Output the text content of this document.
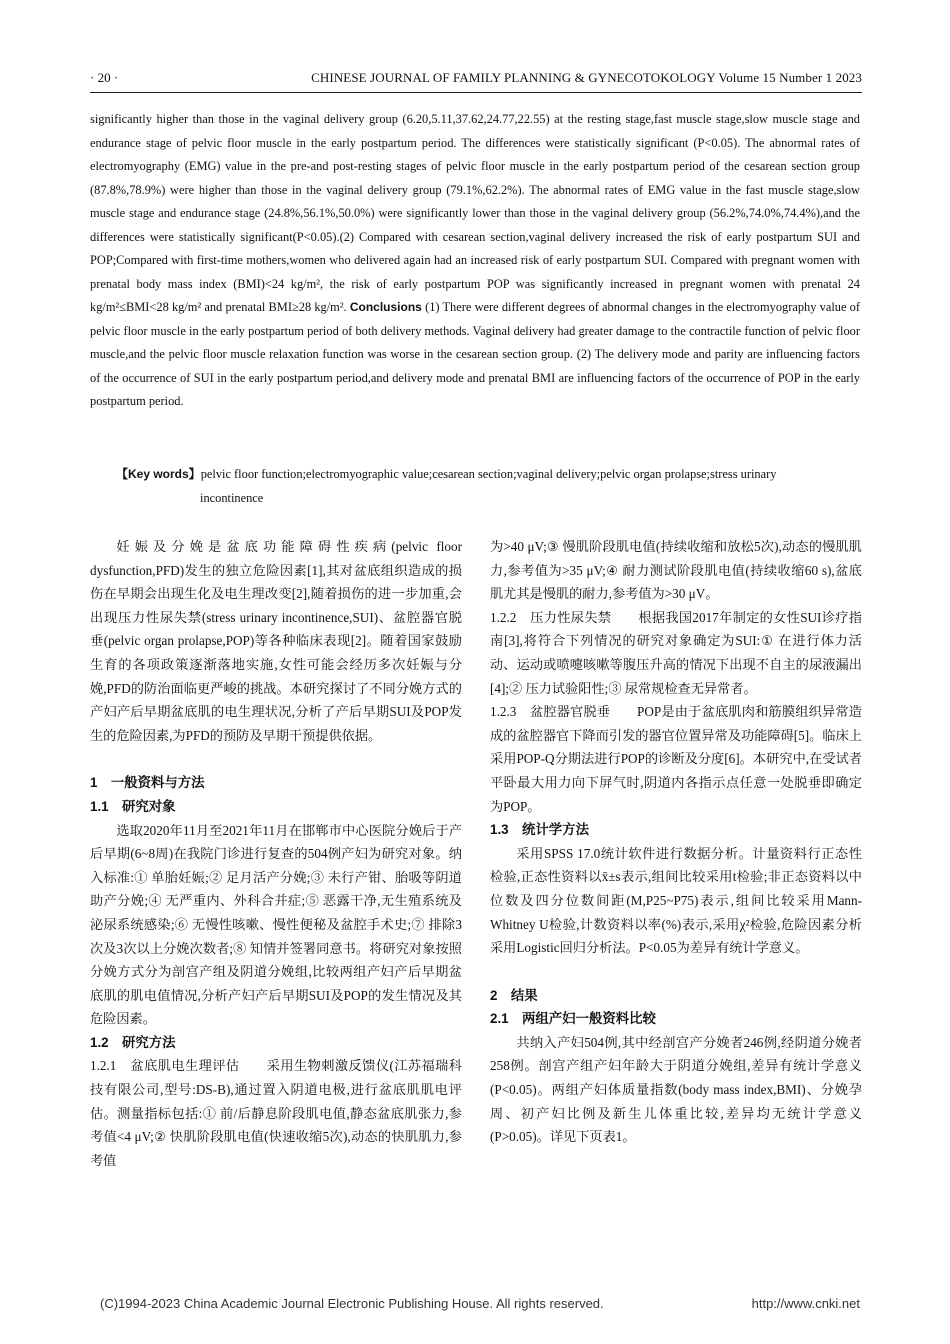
· 20 ·	CHINESE JOURNAL OF FAMILY PLANNING & GYNECOTOKOLOGY Volume 15 Number 1 2023

significantly higher than those in the vaginal delivery group (6.20,5.11,37.62,24.77,22.55) at the resting stage,fast muscle stage,slow muscle stage and endurance stage of pelvic floor muscle in the early postpartum period. The differences were statistically significant (P<0.05). The abnormal rates of electromyography (EMG) value in the pre-and post-resting stages of pelvic floor muscle in the early postpartum period of the cesarean section group (87.8%,78.9%) were higher than those in the vaginal delivery group (79.1%,62.2%). The abnormal rates of EMG value in the fast muscle stage,slow muscle stage and endurance stage (24.8%,56.1%,50.0%) were significantly lower than those in the vaginal delivery group (56.2%,74.0%,74.4%),and the differences were statistically significant(P<0.05).(2) Compared with cesarean section,vaginal delivery increased the risk of early postpartum SUI and POP;Compared with first-time mothers,women who delivered again had an increased risk of early postpartum SUI. Compared with pregnant women with prenatal body mass index (BMI)<24 kg/m², the risk of early postpartum POP was significantly increased in pregnant women with prenatal 24 kg/m²≤BMI<28 kg/m² and prenatal BMI≥28 kg/m². Conclusions (1) There were different degrees of abnormal changes in the electromyography value of pelvic floor muscle in the early postpartum period of both delivery methods. Vaginal delivery had greater damage to the contractile function of pelvic floor muscle,and the pelvic floor muscle relaxation function was worse in the cesarean section group. (2) The delivery mode and parity are influencing factors of the occurrence of SUI in the early postpartum period,and delivery mode and prenatal BMI are influencing factors of the occurrence of POP in the early postpartum period.

【Key words】pelvic floor function;electromyographic value;cesarean section;vaginal delivery;pelvic organ prolapse;stress urinary
incontinence

妊娠及分娩是盆底功能障碍性疾病(pelvic floor dysfunction,PFD)发生的独立危险因素[1],其对盆底组织造成的损伤在早期会出现生化及电生理改变[2],随着损伤的进一步加重,会出现压力性尿失禁(stress urinary incontinence,SUI)、盆腔器官脱垂(pelvic organ prolapse,POP)等各种临床表现[2]。随着国家鼓励生育的各项政策逐渐落地实施,女性可能会经历多次妊娠与分娩,PFD的防治面临更严峻的挑战。本研究探讨了不同分娩方式的产妇产后早期盆底肌的电生理状况,分析了产后早期SUI及POP发生的危险因素,为PFD的预防及早期干预提供依据。

1　一般资料与方法
1.1　研究对象

选取2020年11月至2021年11月在邯郸市中心医院分娩后于产后早期(6~8周)在我院门诊进行复查的504例产妇为研究对象。纳入标准:① 单胎妊娠;② 足月活产分娩;③ 未行产钳、胎吸等阴道助产分娩;④ 无严重内、外科合并症;⑤ 恶露干净,无生殖系统及泌尿系统感染;⑥ 无慢性咳嗽、慢性便秘及盆腔手术史;⑦ 排除3次及3次以上分娩次数者;⑧ 知情并签署同意书。将研究对象按照分娩方式分为剖宫产组及阴道分娩组,比较两组产妇产后早期盆底肌的肌电值情况,分析产妇产后早期SUI及POP的发生情况及其危险因素。

1.2　研究方法

1.2.1　盆底肌电生理评估　　采用生物刺激反馈仪(江苏福瑞科技有限公司,型号:DS-B),通过置入阴道电极,进行盆底肌肌电评估。测量指标包括:① 前/后静息阶段肌电值,静态盆底肌张力,参考值<4 μV;② 快肌阶段肌电值(快速收缩5次),动态的快肌肌力,参考值

为>40 μV;③ 慢肌阶段肌电值(持续收缩和放松5次),动态的慢肌肌力,参考值为>35 μV;④ 耐力测试阶段肌电值(持续收缩60 s),盆底肌尤其是慢肌的耐力,参考值为>30 μV。

1.2.2　压力性尿失禁　　根据我国2017年制定的女性SUI诊疗指南[3],将符合下列情况的研究对象确定为SUI:① 在进行体力活动、运动或喷嚏咳嗽等腹压升高的情况下出现不自主的尿液漏出[4];② 压力试验阳性;③ 尿常规检查无异常者。

1.2.3　盆腔器官脱垂　　POP是由于盆底肌肉和筋膜组织异常造成的盆腔器官下降而引发的器官位置异常及功能障碍[5]。临床上采用POP-Q分期法进行POP的诊断及分度[6]。本研究中,在受试者平卧最大用力向下屏气时,阴道内各指示点任意一处脱垂即确定为POP。

1.3　统计学方法

采用SPSS 17.0统计软件进行数据分析。计量资料行正态性检验,正态性资料以x̄±s表示,组间比较采用t检验;非正态资料以中位数及四分位数间距(M,P25~P75)表示,组间比较采用Mann-Whitney U检验,计数资料以率(%)表示,采用χ²检验,危险因素分析采用Logistic回归分析法。P<0.05为差异有统计学意义。

2　结果
2.1　两组产妇一般资料比较

共纳入产妇504例,其中经剖宫产分娩者246例,经阴道分娩者258例。剖宫产组产妇年龄大于阴道分娩组,差异有统计学意义(P<0.05)。两组产妇体质量指数(body mass index,BMI)、分娩孕周、初产妇比例及新生儿体重比较,差异均无统计学意义(P>0.05)。详见下页表1。

(C)1994-2023 China Academic Journal Electronic Publishing House. All rights reserved.	http://www.cnki.net
